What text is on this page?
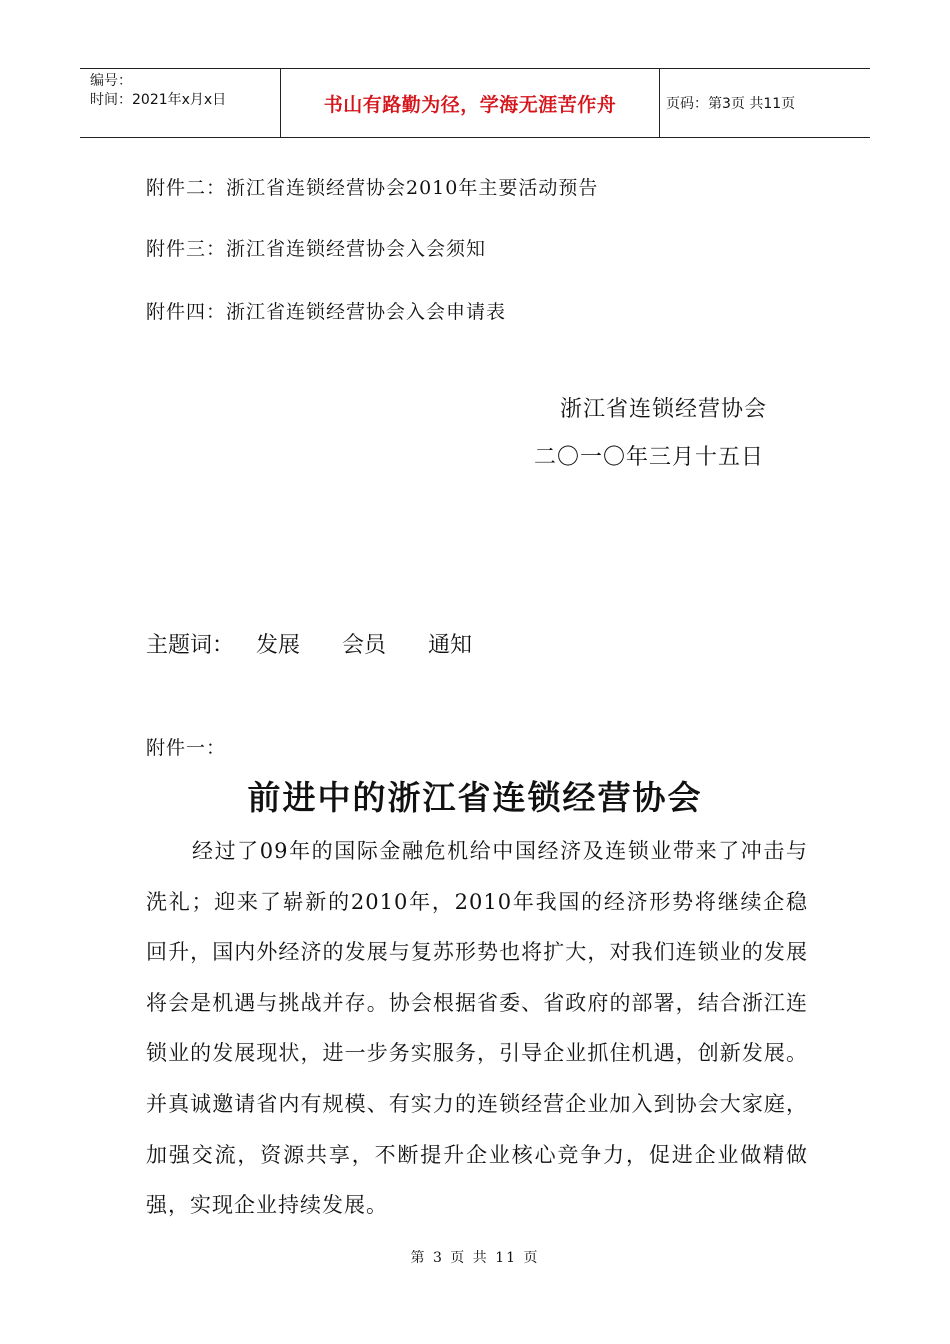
编号：
时间：2021年x月x日	书山有路勤为径，学海无涯苦作舟	页码：第3页 共11页
附件二：浙江省连锁经营协会2010年主要活动预告
附件三：浙江省连锁经营协会入会须知
附件四：浙江省连锁经营协会入会申请表
浙江省连锁经营协会
二〇一〇年三月十五日
主题词： 发展 会员 通知
附件一：
前进中的浙江省连锁经营协会

经过了09年的国际金融危机给中国经济及连锁业带来了冲击与洗礼；迎来了崭新的2010年，2010年我国的经济形势将继续企稳回升，国内外经济的发展与复苏形势也将扩大，对我们连锁业的发展将会是机遇与挑战并存。协会根据省委、省政府的部署，结合浙江连锁业的发展现状，进一步务实服务，引导企业抓住机遇，创新发展。并真诚邀请省内有规模、有实力的连锁经营企业加入到协会大家庭，加强交流，资源共享，不断提升企业核心竞争力，促进企业做精做强，实现企业持续发展。

第 3 页 共 11 页
